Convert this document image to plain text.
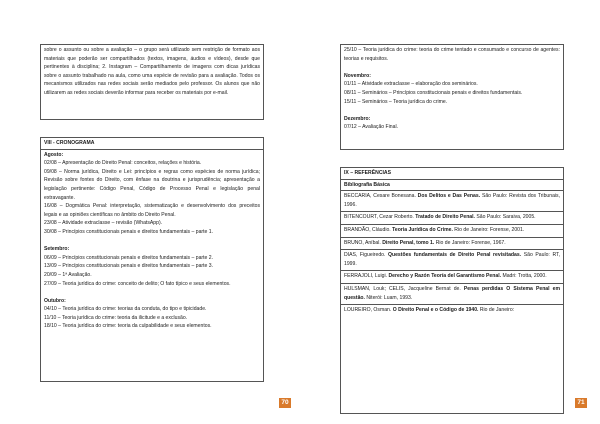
sobre o assunto ou sobre a avaliação – o grupo será utilizado sem restrição de formato aos materiais que poderão ser compartilhados (textos, imagens, áudios e vídeos), desde que pertinentes à disciplina; 2. Instagram – Compartilhamento de imagens com dicas jurídicas sobre o assunto trabalhado na aula, como uma espécie de revisão para a avaliação. Todos os mecanismos utilizados nas redes sociais serão mediados pelo professor. Os alunos que não utilizarem as redes sociais deverão informar para receber os materiais por e-mail.

VIII - CRONOGRAMA

Agosto:

02/08 – Apresentação do Direito Penal: conceitos, relações e história.

09/08 – Norma jurídica, Direito e Lei: princípios e regras como espécies de norma jurídica; Revisão sobre fontes do Direito, com ênfase na doutrina e jurisprudência; apresentação a legislação pertinente: Código Penal, Código de Processo Penal e legislação penal extravagante.

16/08 – Dogmática Penal: interpretação, sistematização e desenvolvimento dos preceitos legais e as opiniões científicas no âmbito do Direito Penal.

23/08 – Atividade extraclasse – revisão (WhatsApp).

30/08 – Princípios constitucionais penais e direitos fundamentais – parte 1.

Setembro:

06/09 – Princípios constitucionais penais e direitos fundamentais – parte 2.

13/09 – Princípios constitucionais penais e direitos fundamentais – parte 3.

20/09 – 1ª Avaliação.

27/09 – Teoria jurídica do crime: conceito de delito; O fato típico e seus elementos.

Outubro:

04/10 – Teoria jurídica do crime: teorias da conduta, do tipo e tipicidade.

11/10 – Teoria jurídica do crime: teoria da ilicitude e a exclusão.

18/10 – Teoria jurídica do crime: teoria da culpabilidade e seus elementos.

70

25/10 – Teoria jurídica do crime: teoria do crime tentado e consumado e concurso de agentes: teorias e requisitos.

Novembro:

01/11 – Atividade extraclasse – elaboração dos seminários.

08/11 – Seminários – Princípios constitucionais penais e direitos fundamentais.

15/11 – Seminários – Teoria jurídica do crime.

Dezembro:

07/12 – Avaliação Final.

IX – REFERÊNCIAS
Bibliografia Básica
BECCARIA, Cesare Bonesana. Dos Delitos e Das Penas. São Paulo: Revista dos Tribunais, 1996.
BITENCOURT, Cezar Roberto. Tratado de Direito Penal. São Paulo: Saraiva, 2005.
BRANDÃO, Cláudio. Teoria Jurídica do Crime. Rio de Janeiro: Forense, 2001.
BRUNO, Aníbal. Direito Penal, tomo 1. Rio de Janeiro: Forense, 1967.
DIAS, Figueiredo. Questões fundamentais de Direito Penal revisitadas. São Paulo: RT, 1999.
FERRAJOLI, Luigi. Derecho y Razón Teoría del Garantismo Penal. Madri: Trotta, 2000.
HULSMAN, Louk; CELIS, Jacqueline Bernat de. Penas perdidas O Sistema Penal em questão. Niterói: Luam, 1993.
LOUREIRO, Osman. O Direito Penal e o Código de 1940. Rio de Janeiro:
71
